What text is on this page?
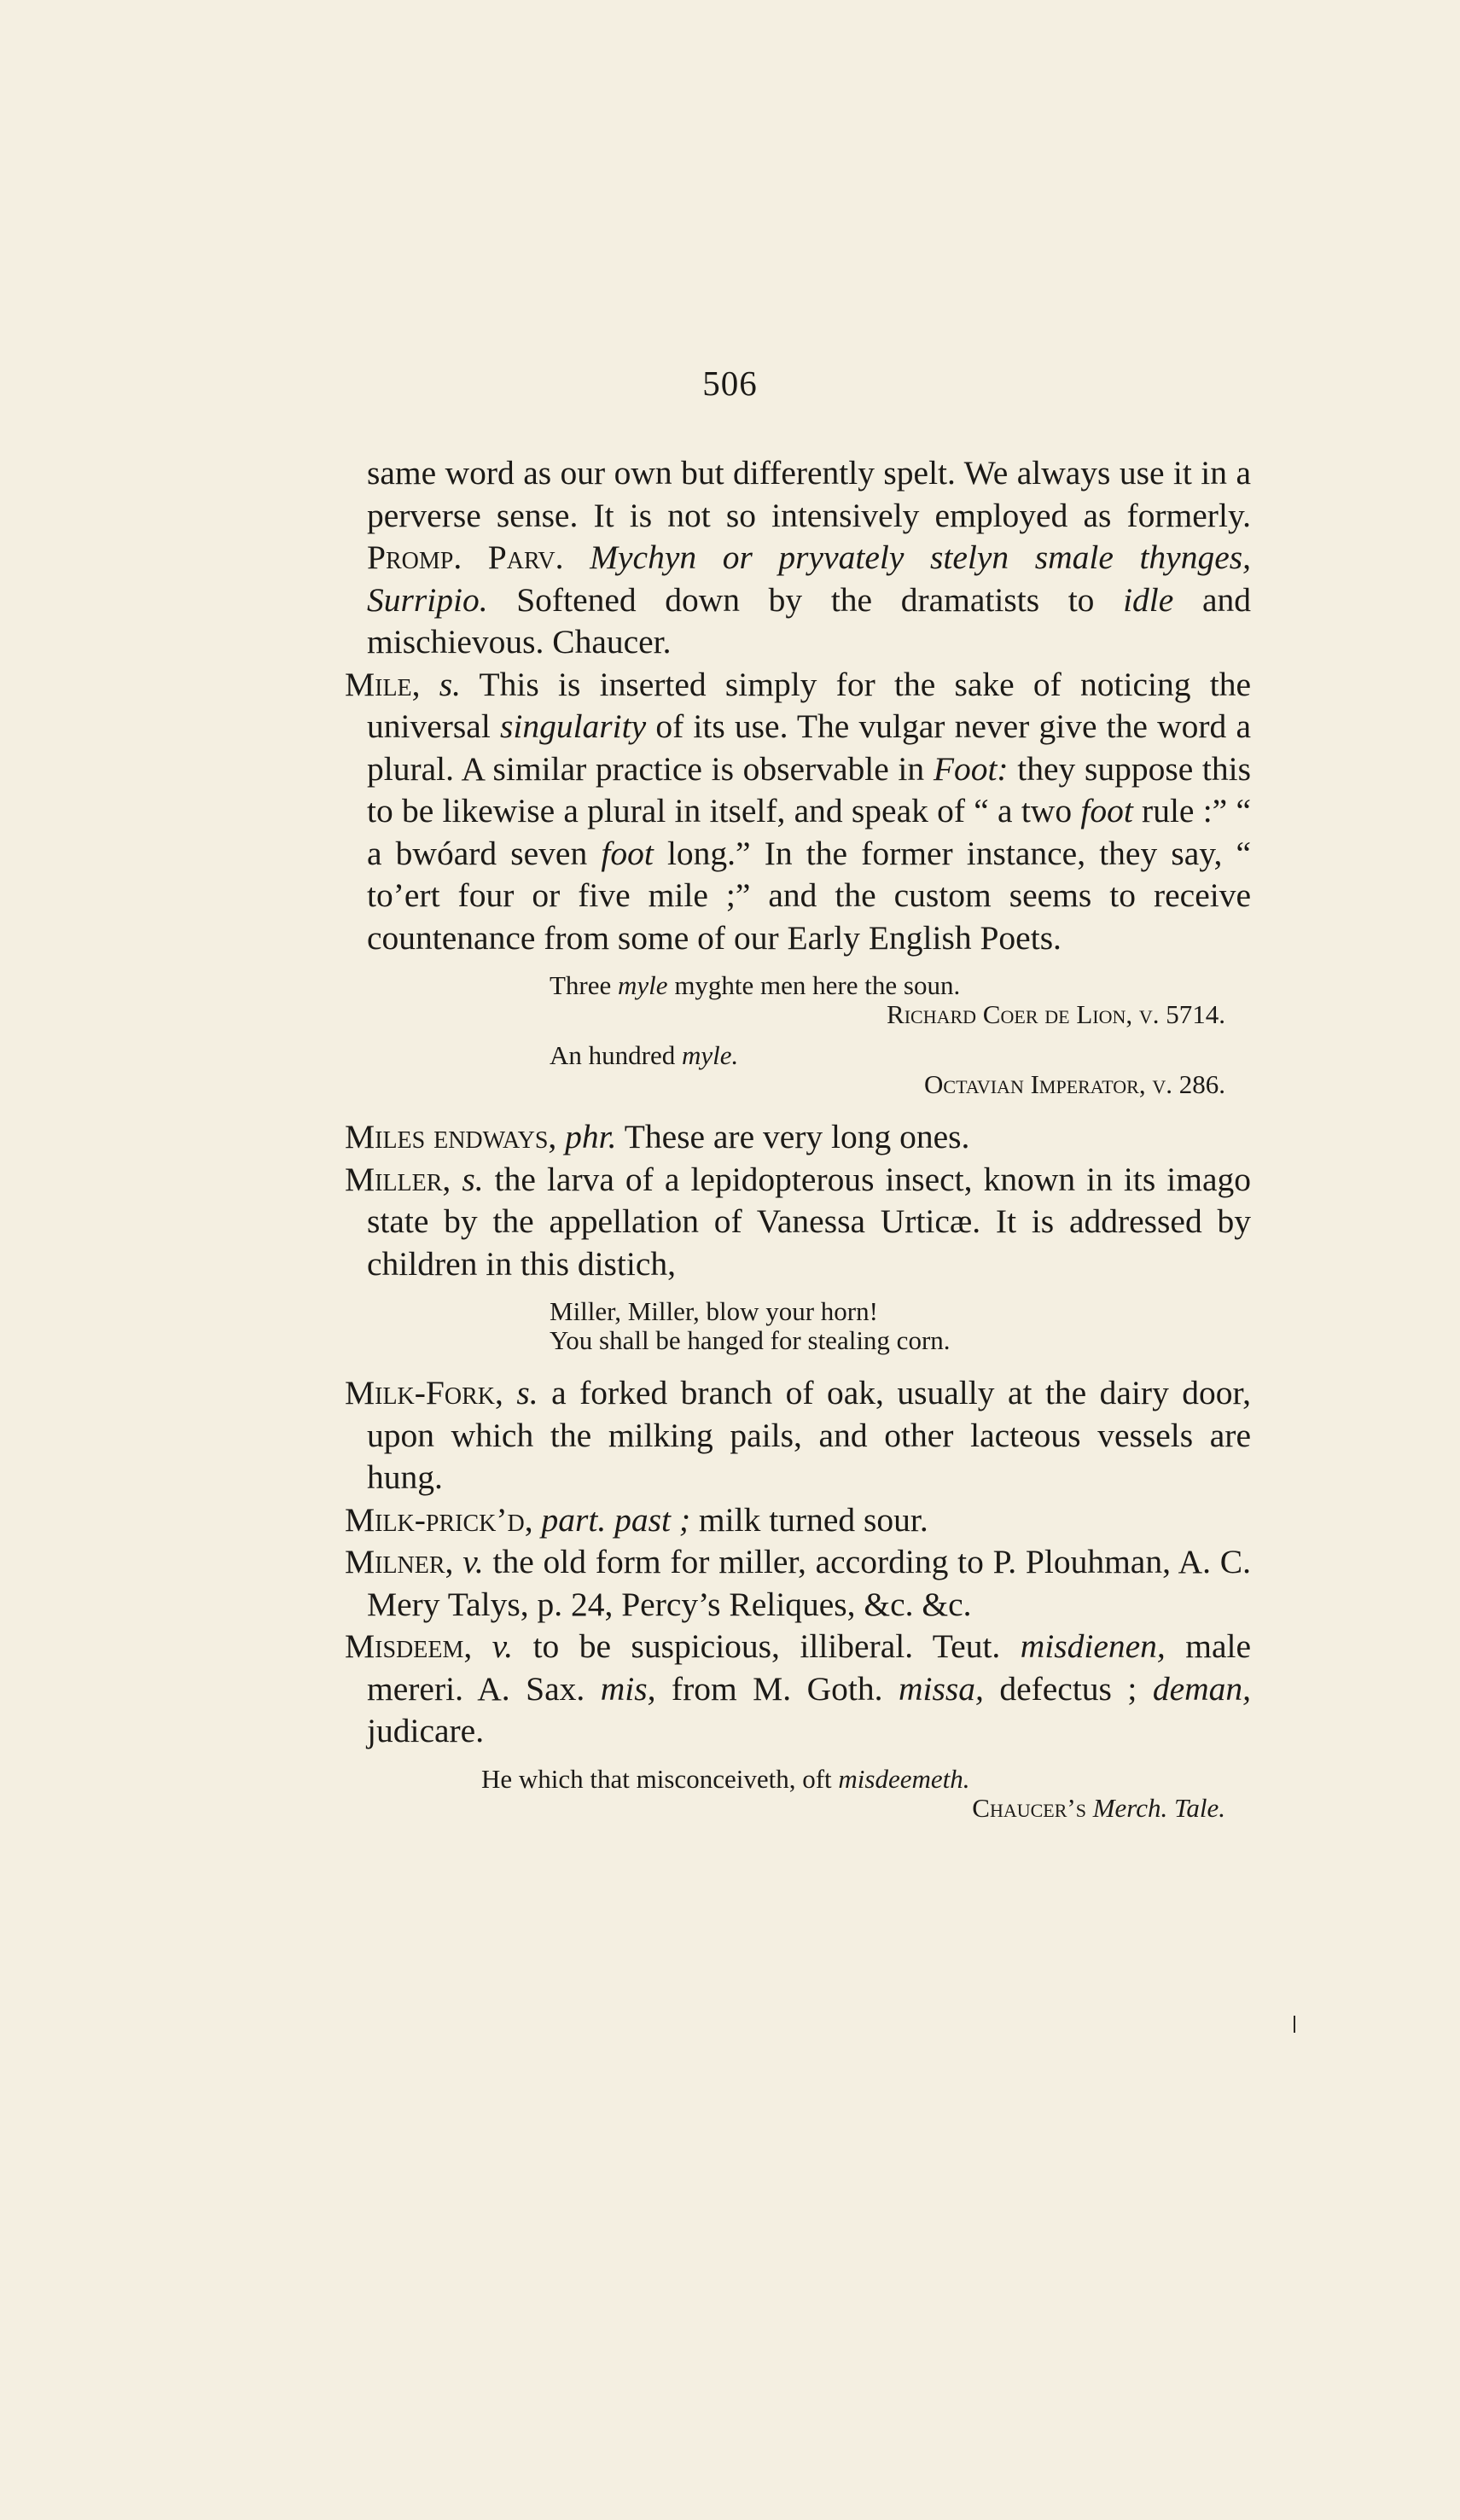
506

same word as our own but differently spelt. We always use it in a perverse sense. It is not so intensively employed as formerly. Promp. Parv. Mychyn or pryvately stelyn smale thynges, Surripio. Softened down by the dramatists to idle and mischievous. Chaucer.

Mile, s. This is inserted simply for the sake of noticing the universal singularity of its use. The vulgar never give the word a plural. A similar practice is observable in Foot: they suppose this to be likewise a plural in itself, and speak of “ a two foot rule :” “ a bwóard seven foot long.” In the former instance, they say, “ to’ert four or five mile ;” and the custom seems to receive countenance from some of our Early English Poets.

Three myle myghte men here the soun.

Richard Coer de Lion, v. 5714.

An hundred myle.

Octavian Imperator, v. 286.

Miles endways, phr. These are very long ones.

Miller, s. the larva of a lepidopterous insect, known in its imago state by the appellation of Vanessa Urticæ. It is addressed by children in this distich,

Miller, Miller, blow your horn!

You shall be hanged for stealing corn.

Milk-Fork, s. a forked branch of oak, usually at the dairy door, upon which the milking pails, and other lacteous vessels are hung.

Milk-prick’d, part. past ; milk turned sour.

Milner, v. the old form for miller, according to P. Plouhman, A. C. Mery Talys, p. 24, Percy’s Reliques, &c. &c.

Misdeem, v. to be suspicious, illiberal. Teut. misdienen, male mereri. A. Sax. mis, from M. Goth. missa, defectus ; deman, judicare.

He which that misconceiveth, oft misdeemeth.

Chaucer’s Merch. Tale.
